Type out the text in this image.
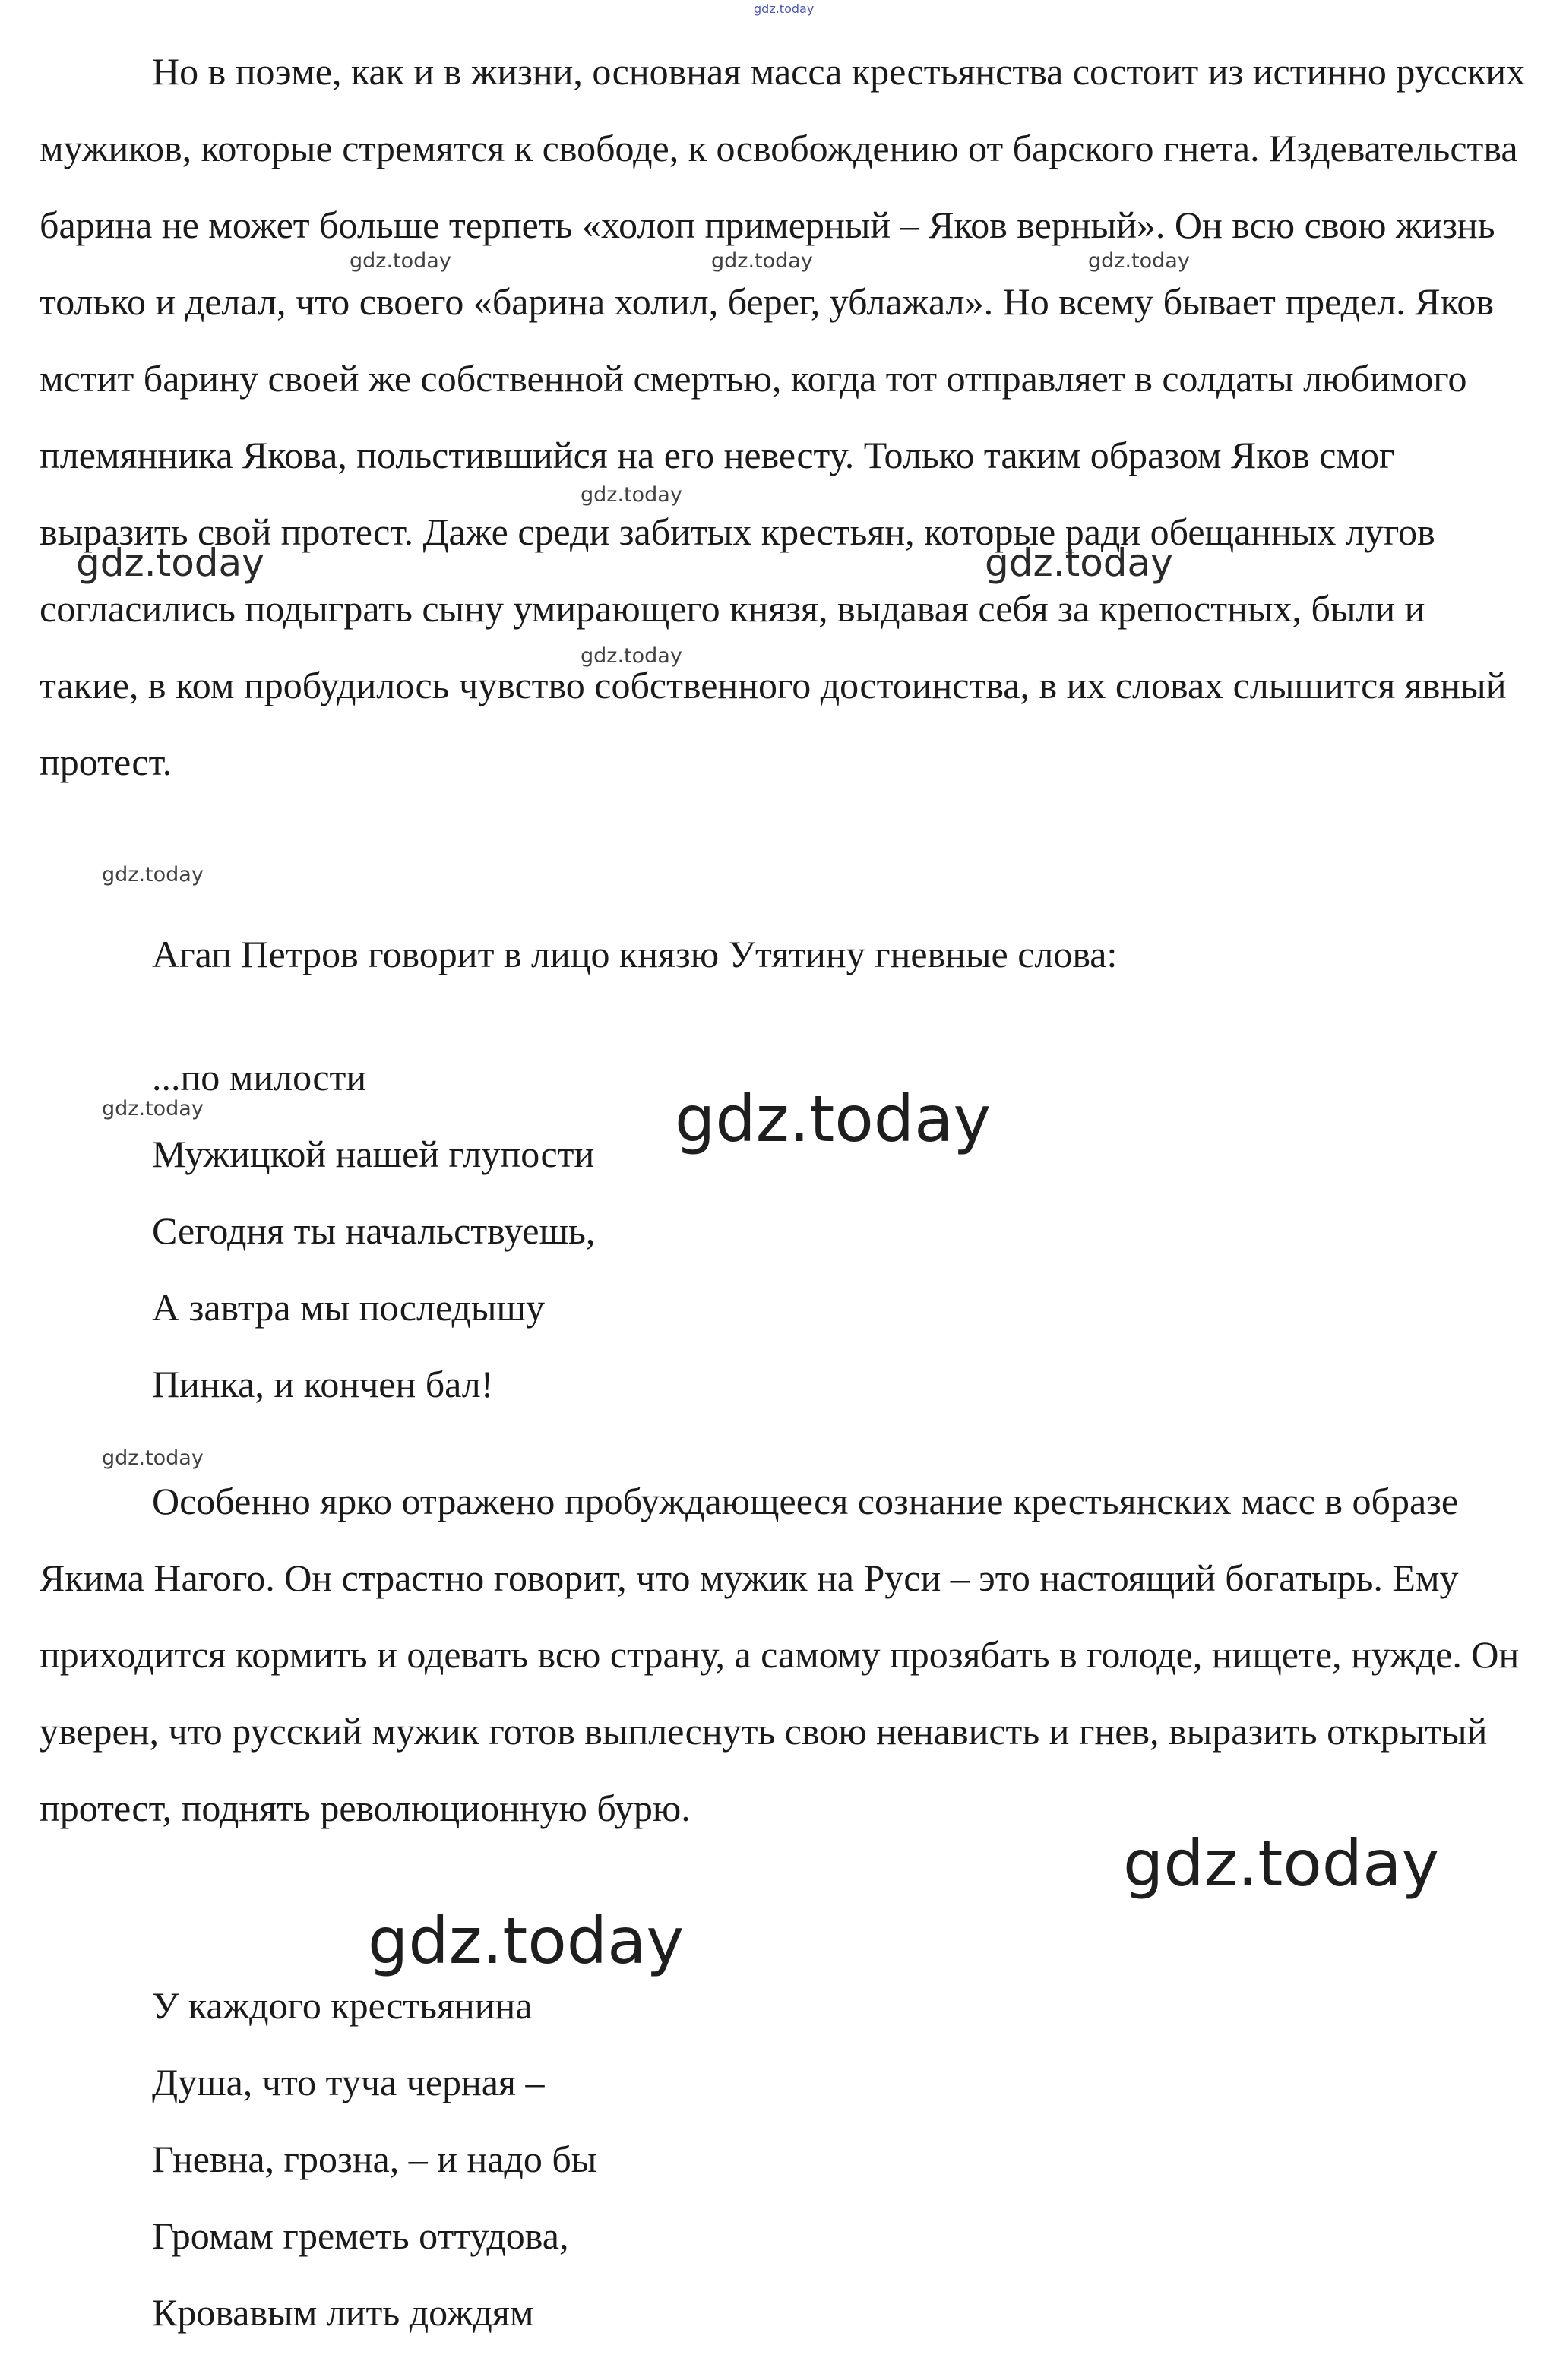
Но в поэме, как и в жизни, основная масса крестьянства состоит из истинно русских мужиков, которые стремятся к свободе, к освобождению от барского гнета. Издевательства барина не может больше терпеть «холоп примерный – Яков верный». Он всю свою жизнь только и делал, что своего «барина холил, берег, ублажал». Но всему бывает предел. Яков мстит барину своей же собственной смертью, когда тот отправляет в солдаты любимого племянника Якова, польстившийся на его невесту. Только таким образом Яков смог выразить свой протест. Даже среди забитых крестьян, которые ради обещанных лугов согласились подыграть сыну умирающего князя, выдавая себя за крепостных, были и такие, в ком пробудилось чувство собственного достоинства, в их словах слышится явный протест.

Агап Петров говорит в лицо князю Утятину гневные слова:

...по милости
Мужицкой нашей глупости
Сегодня ты начальствуешь,
А завтра мы последышу
Пинка, и кончен бал!

Особенно ярко отражено пробуждающееся сознание крестьянских масс в образе Якима Нагого. Он страстно говорит, что мужик на Руси – это настоящий богатырь. Ему приходится кормить и одевать всю страну, а самому прозябать в голоде, нищете, нужде. Он уверен, что русский мужик готов выплеснуть свою ненависть и гнев, выразить открытый протест, поднять революционную бурю.

У каждого крестьянина
Душа, что туча черная –
Гневна, грозна, – и надо бы
Громам греметь оттудова,
Кровавым лить дождям
gdz.today
gdz.today	gdz.today	gdz.today
gdz.today
gdz.today	gdz.today
gdz.today
gdz.today
gdz.today	gdz.today
gdz.today
gdz.today
gdz.today
